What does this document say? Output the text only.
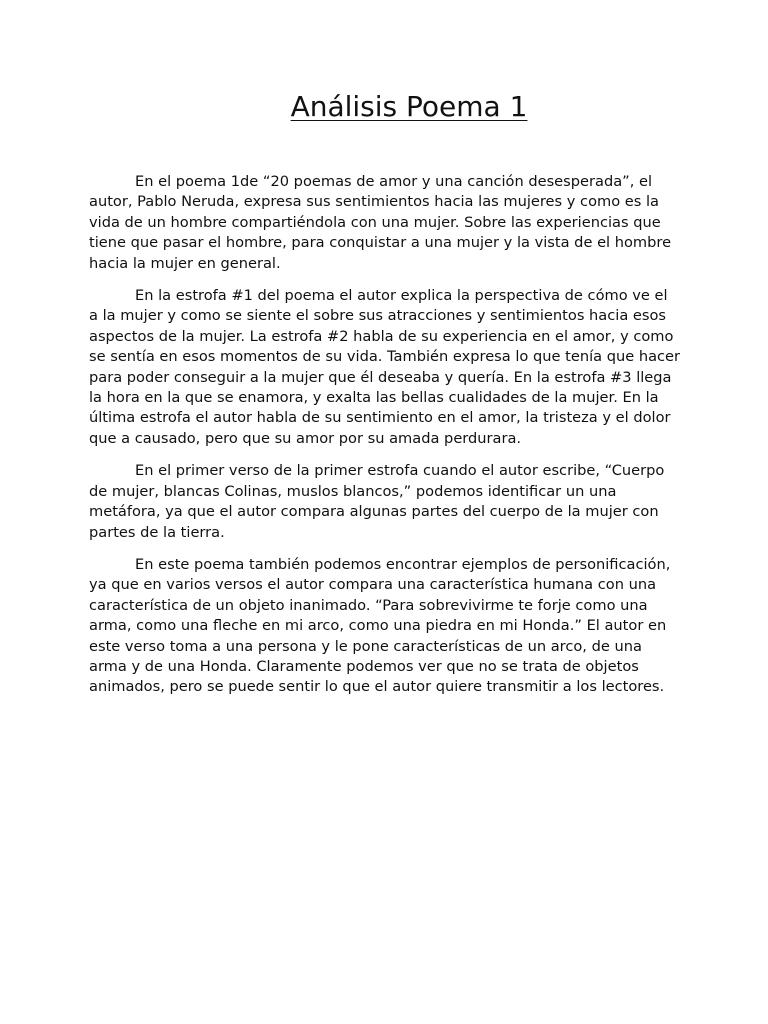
Análisis Poema 1

En el poema 1de “20 poemas de amor y una canción desesperada”, el autor, Pablo Neruda, expresa sus sentimientos hacia las mujeres y como es la vida de un hombre compartiéndola con una mujer. Sobre las experiencias que tiene que pasar el hombre, para conquistar a una mujer y la vista de el hombre hacia la mujer en general.

En la estrofa #1 del poema el autor explica la perspectiva de cómo ve el a la mujer y como se siente el sobre sus atracciones y sentimientos hacia esos aspectos de la mujer. La estrofa #2 habla de su experiencia en el amor, y como se sentía en esos momentos de su vida. También expresa lo que tenía que hacer para poder conseguir a la mujer que él deseaba y quería. En la estrofa #3 llega la hora en la que se enamora, y exalta las bellas cualidades de la mujer. En la última estrofa el autor habla de su sentimiento en el amor, la tristeza y el dolor que a causado, pero que su amor por su amada perdurara.

En el primer verso de la primer estrofa cuando el autor escribe, “Cuerpo de mujer, blancas Colinas, muslos blancos,” podemos identificar un una metáfora, ya que el autor compara algunas partes del cuerpo de la mujer con partes de la tierra.

En este poema también podemos encontrar ejemplos de personificación, ya que en varios versos el autor compara una característica humana con una característica de un objeto inanimado. “Para sobrevivirme te forje como una arma, como una fleche en mi arco, como una piedra en mi Honda.” El autor en este verso toma a una persona y le pone características de un arco, de una arma y de una Honda. Claramente podemos ver que no se trata de objetos animados, pero se puede sentir lo que el autor quiere transmitir a los lectores.
